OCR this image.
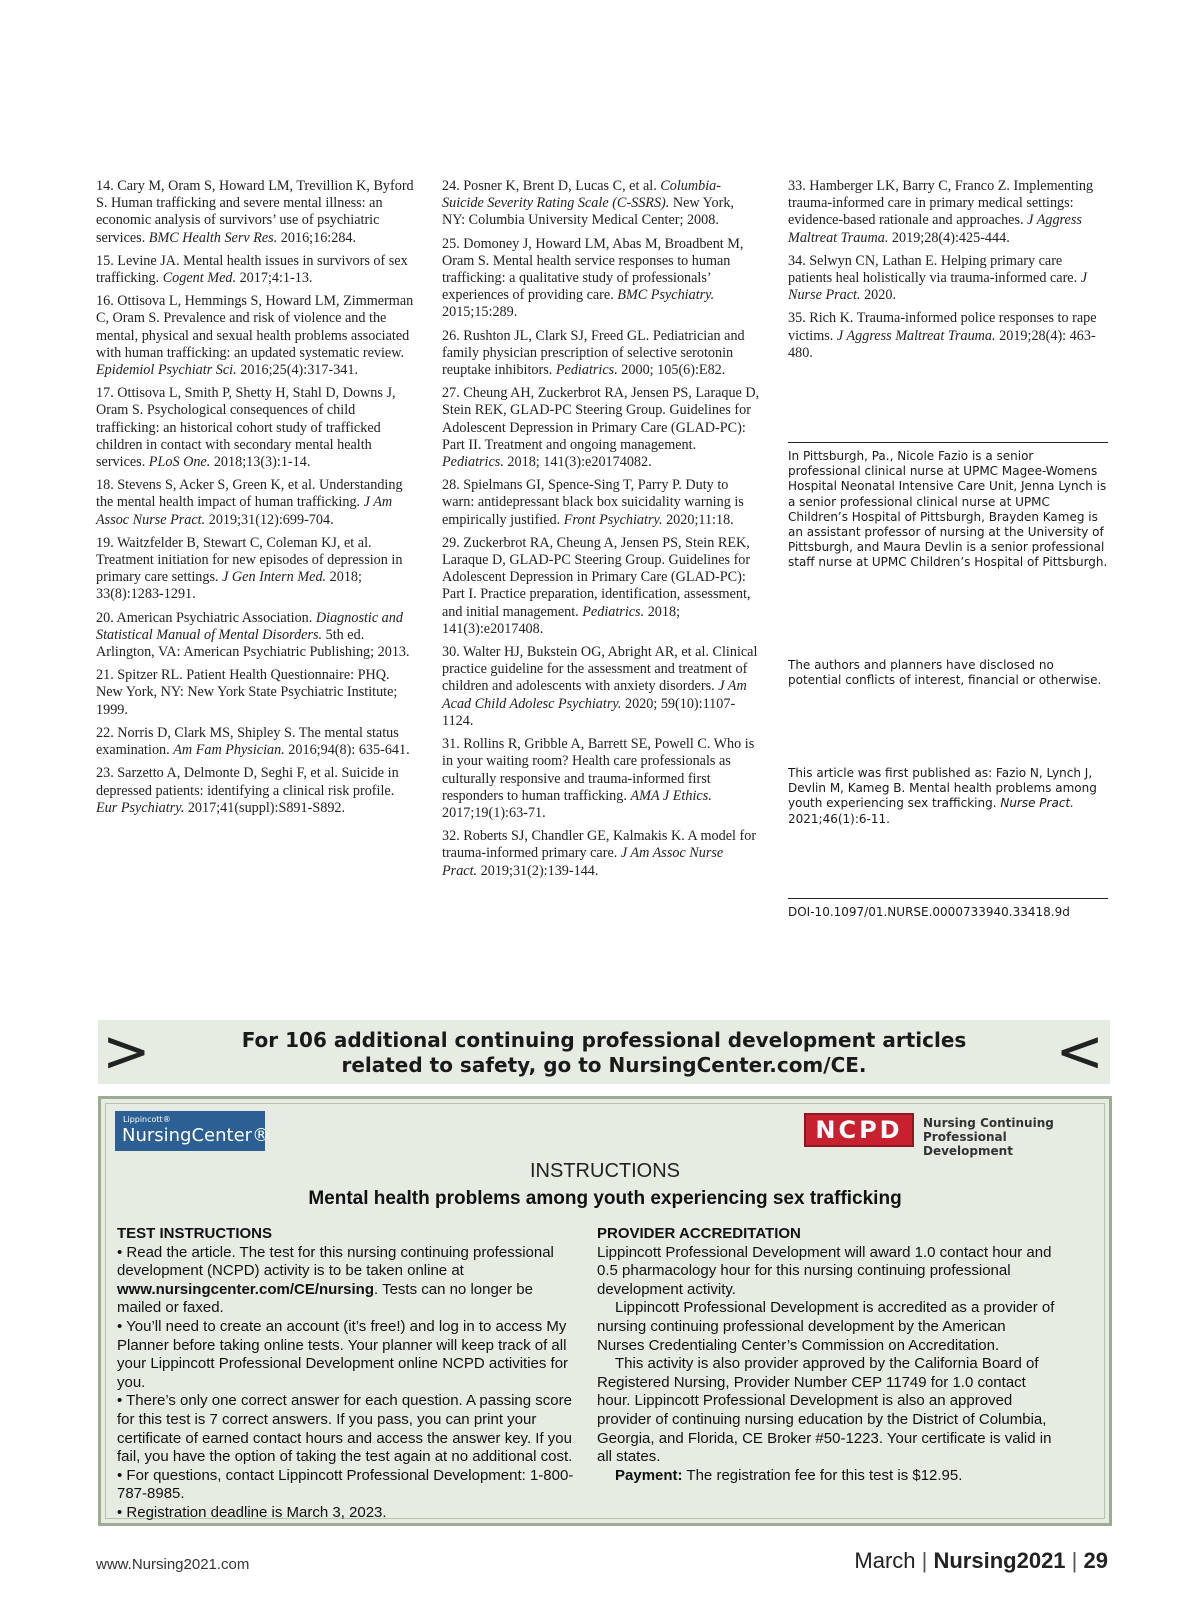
14. Cary M, Oram S, Howard LM, Trevillion K, Byford S. Human trafficking and severe mental illness: an economic analysis of survivors’ use of psychiatric services. BMC Health Serv Res. 2016;16:284.

15. Levine JA. Mental health issues in survivors of sex trafficking. Cogent Med. 2017;4:1-13.

16. Ottisova L, Hemmings S, Howard LM, Zimmerman C, Oram S. Prevalence and risk of violence and the mental, physical and sexual health problems associated with human trafficking: an updated systematic review. Epidemiol Psychiatr Sci. 2016;25(4):317-341.

17. Ottisova L, Smith P, Shetty H, Stahl D, Downs J, Oram S. Psychological consequences of child trafficking: an historical cohort study of trafficked children in contact with secondary mental health services. PLoS One. 2018;13(3):1-14.

18. Stevens S, Acker S, Green K, et al. Understanding the mental health impact of human trafficking. J Am Assoc Nurse Pract. 2019;31(12):699-704.

19. Waitzfelder B, Stewart C, Coleman KJ, et al. Treatment initiation for new episodes of depression in primary care settings. J Gen Intern Med. 2018; 33(8):1283-1291.

20. American Psychiatric Association. Diagnostic and Statistical Manual of Mental Disorders. 5th ed. Arlington, VA: American Psychiatric Publishing; 2013.

21. Spitzer RL. Patient Health Questionnaire: PHQ. New York, NY: New York State Psychiatric Institute; 1999.

22. Norris D, Clark MS, Shipley S. The mental status examination. Am Fam Physician. 2016;94(8): 635-641.

23. Sarzetto A, Delmonte D, Seghi F, et al. Suicide in depressed patients: identifying a clinical risk profile. Eur Psychiatry. 2017;41(suppl):S891-S892.

24. Posner K, Brent D, Lucas C, et al. Columbia-Suicide Severity Rating Scale (C-SSRS). New York, NY: Columbia University Medical Center; 2008.

25. Domoney J, Howard LM, Abas M, Broadbent M, Oram S. Mental health service responses to human trafficking: a qualitative study of professionals’ experiences of providing care. BMC Psychiatry. 2015;15:289.

26. Rushton JL, Clark SJ, Freed GL. Pediatrician and family physician prescription of selective serotonin reuptake inhibitors. Pediatrics. 2000; 105(6):E82.

27. Cheung AH, Zuckerbrot RA, Jensen PS, Laraque D, Stein REK, GLAD-PC Steering Group. Guidelines for Adolescent Depression in Primary Care (GLAD-PC): Part II. Treatment and ongoing management. Pediatrics. 2018; 141(3):e20174082.

28. Spielmans GI, Spence-Sing T, Parry P. Duty to warn: antidepressant black box suicidality warning is empirically justified. Front Psychiatry. 2020;11:18.

29. Zuckerbrot RA, Cheung A, Jensen PS, Stein REK, Laraque D, GLAD-PC Steering Group. Guidelines for Adolescent Depression in Primary Care (GLAD-PC): Part I. Practice preparation, identification, assessment, and initial management. Pediatrics. 2018; 141(3):e2017408.

30. Walter HJ, Bukstein OG, Abright AR, et al. Clinical practice guideline for the assessment and treatment of children and adolescents with anxiety disorders. J Am Acad Child Adolesc Psychiatry. 2020; 59(10):1107-1124.

31. Rollins R, Gribble A, Barrett SE, Powell C. Who is in your waiting room? Health care professionals as culturally responsive and trauma-informed first responders to human trafficking. AMA J Ethics. 2017;19(1):63-71.

32. Roberts SJ, Chandler GE, Kalmakis K. A model for trauma-informed primary care. J Am Assoc Nurse Pract. 2019;31(2):139-144.

33. Hamberger LK, Barry C, Franco Z. Implementing trauma-informed care in primary medical settings: evidence-based rationale and approaches. J Aggress Maltreat Trauma. 2019;28(4):425-444.

34. Selwyn CN, Lathan E. Helping primary care patients heal holistically via trauma-informed care. J Nurse Pract. 2020.

35. Rich K. Trauma-informed police responses to rape victims. J Aggress Maltreat Trauma. 2019;28(4): 463-480.

In Pittsburgh, Pa., Nicole Fazio is a senior professional clinical nurse at UPMC Magee-Womens Hospital Neonatal Intensive Care Unit, Jenna Lynch is a senior professional clinical nurse at UPMC Children’s Hospital of Pittsburgh, Brayden Kameg is an assistant professor of nursing at the University of Pittsburgh, and Maura Devlin is a senior professional staff nurse at UPMC Children’s Hospital of Pittsburgh.
The authors and planners have disclosed no potential conflicts of interest, financial or otherwise.
This article was first published as: Fazio N, Lynch J, Devlin M, Kameg B. Mental health problems among youth experiencing sex trafficking. Nurse Pract. 2021;46(1):6-11.
DOI-10.1097/01.NURSE.0000733940.33418.9d
>	For 106 additional continuing professional development articles
related to safety, go to NursingCenter.com/CE.	<
Lippincott®
NursingCenter®	NCPD	Nursing Continuing
Professional Development
INSTRUCTIONS
Mental health problems among youth experiencing sex trafficking
TEST INSTRUCTIONS

• Read the article. The test for this nursing continuing professional development (NCPD) activity is to be taken online at www.nursingcenter.com/CE/nursing. Tests can no longer be mailed or faxed.

• You’ll need to create an account (it’s free!) and log in to access My Planner before taking online tests. Your planner will keep track of all your Lippincott Professional Development online NCPD activities for you.

• There’s only one correct answer for each question. A passing score for this test is 7 correct answers. If you pass, you can print your certificate of earned contact hours and access the answer key. If you fail, you have the option of taking the test again at no additional cost.

• For questions, contact Lippincott Professional Development: 1-800-787-8985.

• Registration deadline is March 3, 2023.

PROVIDER ACCREDITATION

Lippincott Professional Development will award 1.0 contact hour and 0.5 pharmacology hour for this nursing continuing professional development activity.

Lippincott Professional Development is accredited as a provider of nursing continuing professional development by the American Nurses Credentialing Center’s Commission on Accreditation.

This activity is also provider approved by the California Board of Registered Nursing, Provider Number CEP 11749 for 1.0 contact hour. Lippincott Professional Development is also an approved provider of continuing nursing education by the District of Columbia, Georgia, and Florida, CE Broker #50-1223. Your certificate is valid in all states.

Payment: The registration fee for this test is $12.95.

www.Nursing2021.com	March | Nursing2021 | 29
